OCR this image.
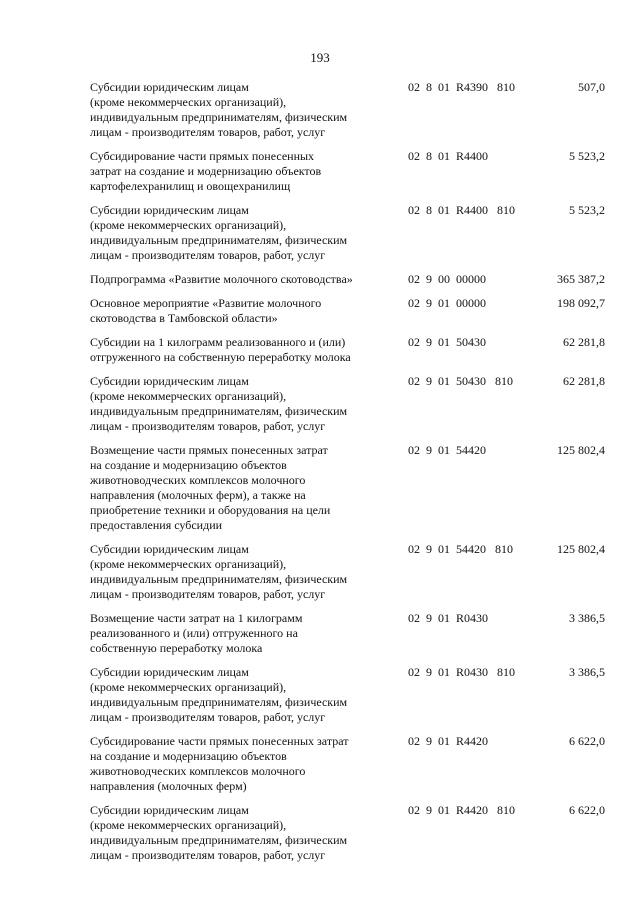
193
Субсидии юридическим лицам
(кроме некоммерческих организаций),
индивидуальным предпринимателям, физическим
лицам - производителям товаров, работ, услуг
02  8  01  R4390   810	507,0
Субсидирование части прямых понесенных
затрат на создание и модернизацию объектов
картофелехранилищ и овощехранилищ
02  8  01  R4400	5 523,2
Субсидии юридическим лицам
(кроме некоммерческих организаций),
индивидуальным предпринимателям, физическим
лицам - производителям товаров, работ, услуг
02  8  01  R4400   810	5 523,2
Подпрограмма «Развитие молочного скотоводства»	02  9  00  00000	365 387,2
Основное мероприятие «Развитие молочного
скотоводства в Тамбовской области»
02  9  01  00000	198 092,7
Субсидии на 1 килограмм реализованного и (или)
отгруженного на собственную переработку молока
02  9  01  50430	62 281,8
Субсидии юридическим лицам
(кроме некоммерческих организаций),
индивидуальным предпринимателям, физическим
лицам - производителям товаров, работ, услуг
02  9  01  50430   810	62 281,8
Возмещение части прямых понесенных затрат
на создание и модернизацию объектов
животноводческих комплексов молочного
направления (молочных ферм), а также на
приобретение техники и оборудования на цели
предоставления субсидии
02  9  01  54420	125 802,4
Субсидии юридическим лицам
(кроме некоммерческих организаций),
индивидуальным предпринимателям, физическим
лицам - производителям товаров, работ, услуг
02  9  01  54420   810	125 802,4
Возмещение части затрат на 1 килограмм
реализованного и (или) отгруженного на
собственную переработку молока
02  9  01  R0430	3 386,5
Субсидии юридическим лицам
(кроме некоммерческих организаций),
индивидуальным предпринимателям, физическим
лицам - производителям товаров, работ, услуг
02  9  01  R0430   810	3 386,5
Субсидирование части прямых понесенных затрат
на создание и модернизацию объектов
животноводческих комплексов молочного
направления (молочных ферм)
02  9  01  R4420	6 622,0
Субсидии юридическим лицам
(кроме некоммерческих организаций),
индивидуальным предпринимателям, физическим
лицам - производителям товаров, работ, услуг
02  9  01  R4420   810	6 622,0
